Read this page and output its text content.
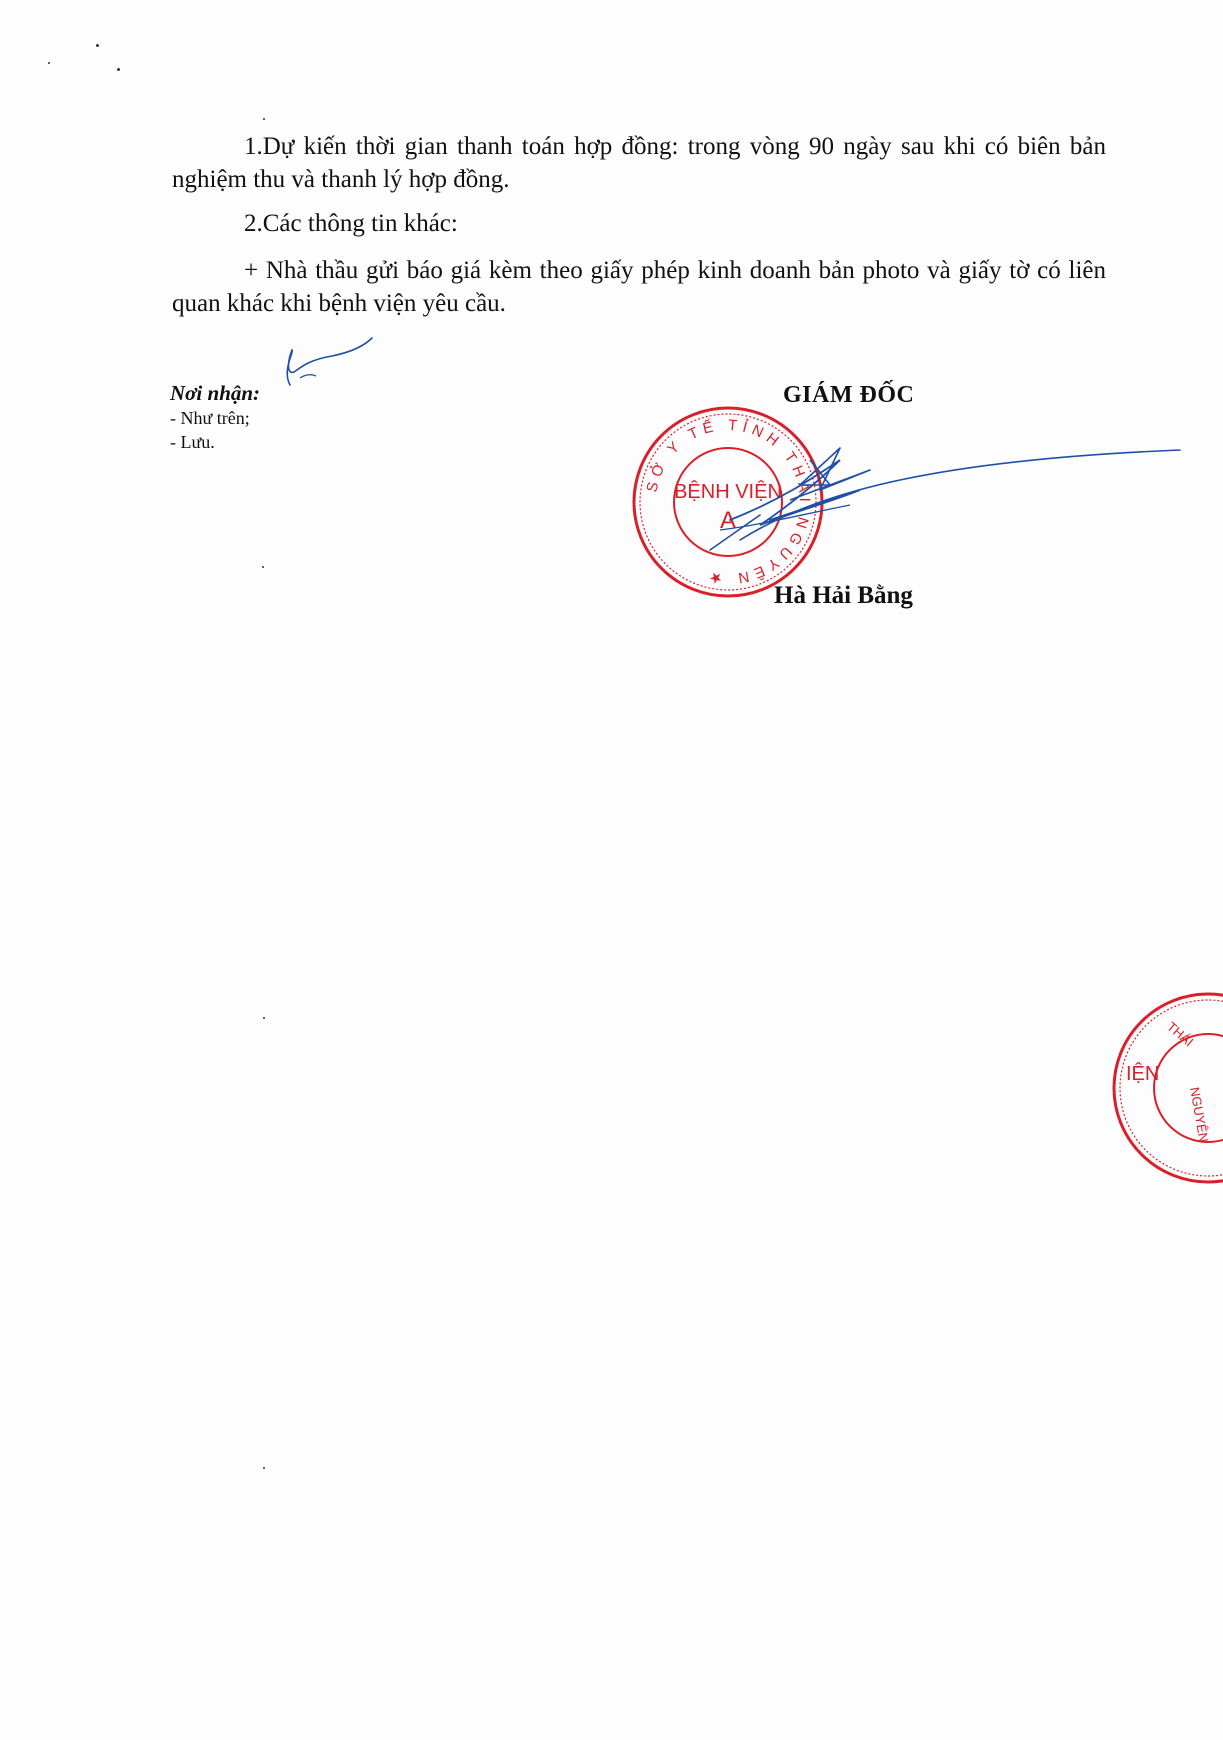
1.Dự kiến thời gian thanh toán hợp đồng: trong vòng 90 ngày sau khi có biên bản nghiệm thu và thanh lý hợp đồng.

2.Các thông tin khác:

+ Nhà thầu gửi báo giá kèm theo giấy phép kinh doanh bản photo và giấy tờ có liên quan khác khi bệnh viện yêu cầu.

Nơi nhận:
- Như trên;
- Lưu.
GIÁM ĐỐC
SỞ Y TẾ TỈNH THÁI NGUYÊN ★
BỆNH VIỆN
A
Hà Hải Bằng
IỆN
THÁI
NGUYÊN
